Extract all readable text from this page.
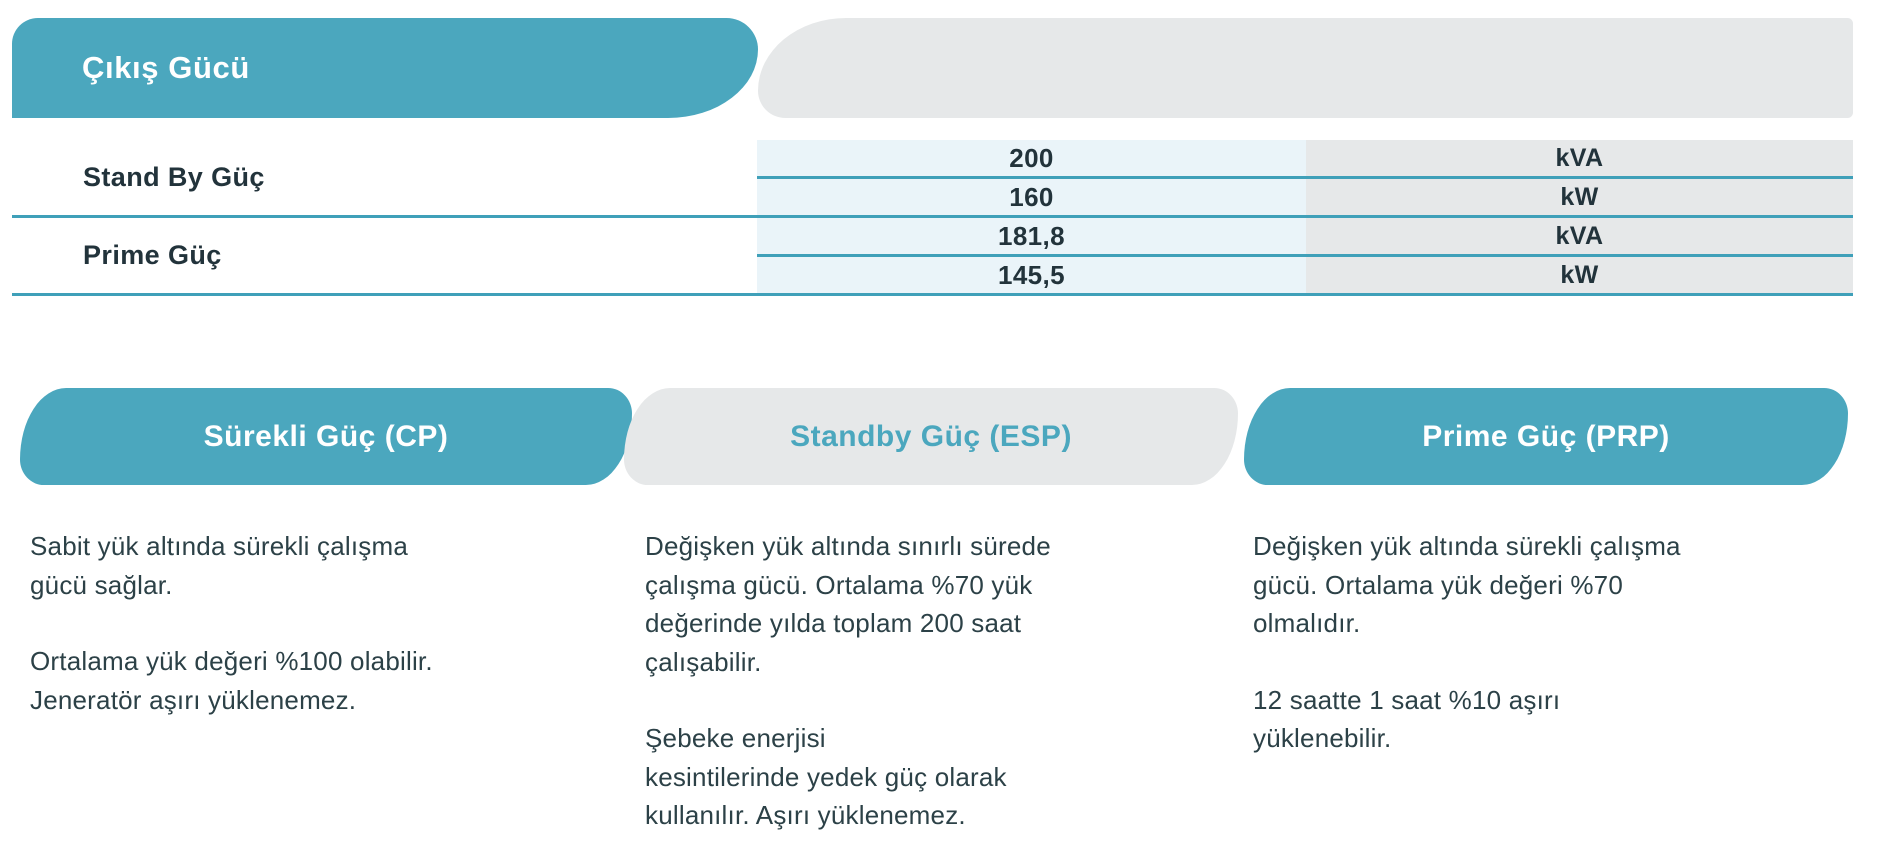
Çıkış Gücü
Stand By Güç
200	kVA
160	kW
Prime Güç
181,8	kVA
145,5	kW
Sürekli Güç (CP)	Standby Güç (ESP)	Prime Güç (PRP)
Sabit yük altında sürekli çalışma
gücü sağlar.
Ortalama yük değeri %100 olabilir.
Jeneratör aşırı yüklenemez.
Değişken yük altında sınırlı sürede
çalışma gücü. Ortalama %70 yük
değerinde yılda toplam 200 saat
çalışabilir.
Şebeke enerjisi
kesintilerinde yedek güç olarak
kullanılır. Aşırı yüklenemez.
Değişken yük altında sürekli çalışma
gücü. Ortalama yük değeri %70
olmalıdır.
12 saatte 1 saat %10 aşırı
yüklenebilir.
